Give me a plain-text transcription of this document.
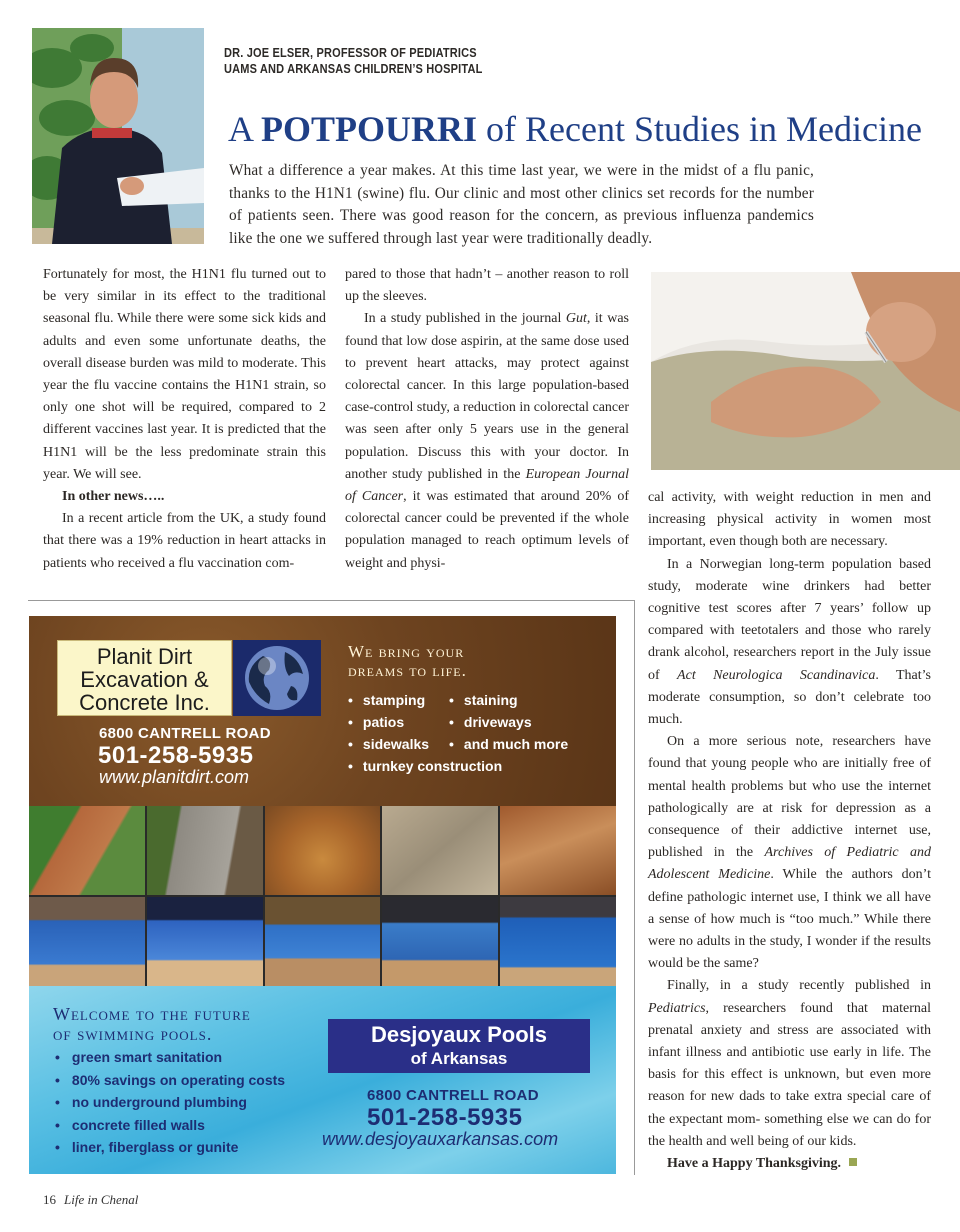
DR. JOE ELSER, PROFESSOR OF PEDIATRICS
UAMS AND ARKANSAS CHILDREN’S HOSPITAL
A POTPOURRI of Recent Studies in Medicine
What a difference a year makes. At this time last year, we were in the midst of a flu panic, thanks to the H1N1 (swine) flu. Our clinic and most other clinics set records for the number of patients seen. There was good reason for the concern, as previous influenza pandemics like the one we suffered through last year were traditionally deadly.

Fortunately for most, the H1N1 flu turned out to be very similar in its effect to the traditional seasonal flu. While there were some sick kids and adults and even some unfortunate deaths, the overall disease burden was mild to moderate. This year the flu vaccine contains the H1N1 strain, so only one shot will be required, compared to 2 different vaccines last year. It is predicted that the H1N1 will be the less predominate strain this year. We will see.

In other news…..

In a recent article from the UK, a study found that there was a 19% reduction in heart attacks in patients who received a flu vaccination com-

pared to those that hadn’t – another reason to roll up the sleeves.

In a study published in the journal Gut, it was found that low dose aspirin, at the same dose used to prevent heart attacks, may protect against colorectal cancer. In this large population-based case-control study, a reduction in colorectal cancer was seen after only 5 years use in the general population. Discuss this with your doctor. In another study published in the European Journal of Cancer, it was estimated that around 20% of colorectal cancer could be prevented if the whole population managed to reach optimum levels of weight and physi-

cal activity, with weight reduction in men and increasing physical activity in women most important, even though both are necessary.

In a Norwegian long-term population based study, moderate wine drinkers had better cognitive test scores after 7 years’ follow up compared with teetotalers and those who rarely drank alcohol, researchers report in the July issue of Act Neurologica Scandinavica. That’s moderate consumption, so don’t celebrate too much.

On a more serious note, researchers have found that young people who are initially free of mental health problems but who use the internet pathologically are at risk for depression as a consequence of their addictive internet use, published in the Archives of Pediatric and Adolescent Medicine. While the authors don’t define pathologic internet use, I think we all have a sense of how much is “too much.” While there were no adults in the study, I wonder if the results would be the same?

Finally, in a study recently published in Pediatrics, researchers found that maternal prenatal anxiety and stress are associated with infant illness and antibiotic use early in life. The basis for this effect is unknown, but even more reason for new dads to take extra special care of the expectant mom- something else we can do for the health and well being of our kids.

Have a Happy Thanksgiving.

Planit Dirt
Excavation &
Concrete Inc.
6800 CANTRELL ROAD
501-258-5935
www.planitdirt.com
We bring your
dreams to life.
• stamping
• patios
• sidewalks
• turnkey construction
• staining
• driveways
• and much more
Welcome to the future
of swimming pools.
• green smart sanitation
• 80% savings on operating costs
• no underground plumbing
• concrete filled walls
• liner, fiberglass or gunite
Desjoyaux Pools
of Arkansas
6800 CANTRELL ROAD
501-258-5935
www.desjoyauxarkansas.com
16 Life in Chenal
